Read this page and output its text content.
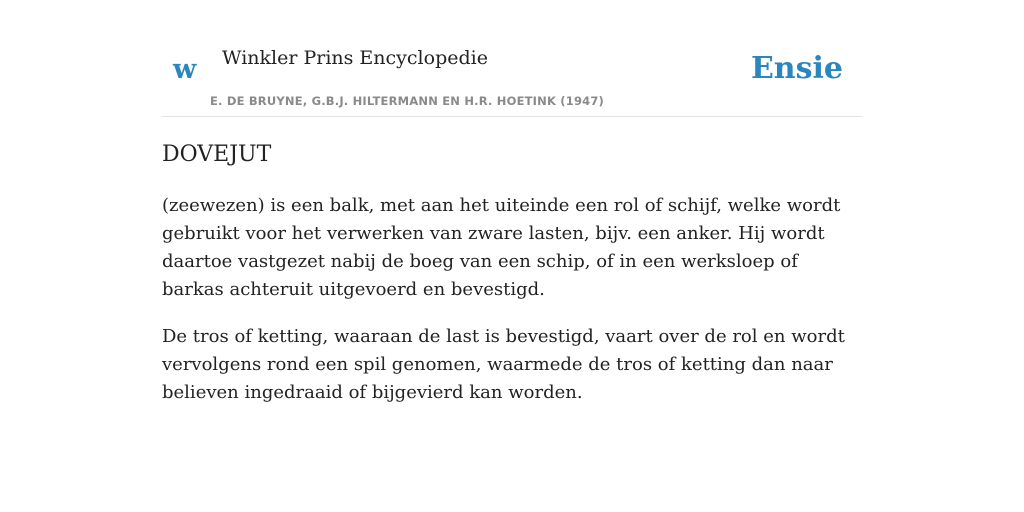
w Winkler Prins Encyclopedie
E. DE BRUYNE, G.B.J. HILTERMANN EN H.R. HOETINK (1947)
Ensie
DOVEJUT

(zeewezen) is een balk, met aan het uiteinde een rol of schijf, welke wordt gebruikt voor het verwerken van zware lasten, bijv. een anker. Hij wordt daartoe vastgezet nabij de boeg van een schip, of in een werksloep of barkas achteruit uitgevoerd en bevestigd.

De tros of ketting, waaraan de last is bevestigd, vaart over de rol en wordt vervolgens rond een spil genomen, waarmede de tros of ketting dan naar believen ingedraaid of bijgevierd kan worden.
